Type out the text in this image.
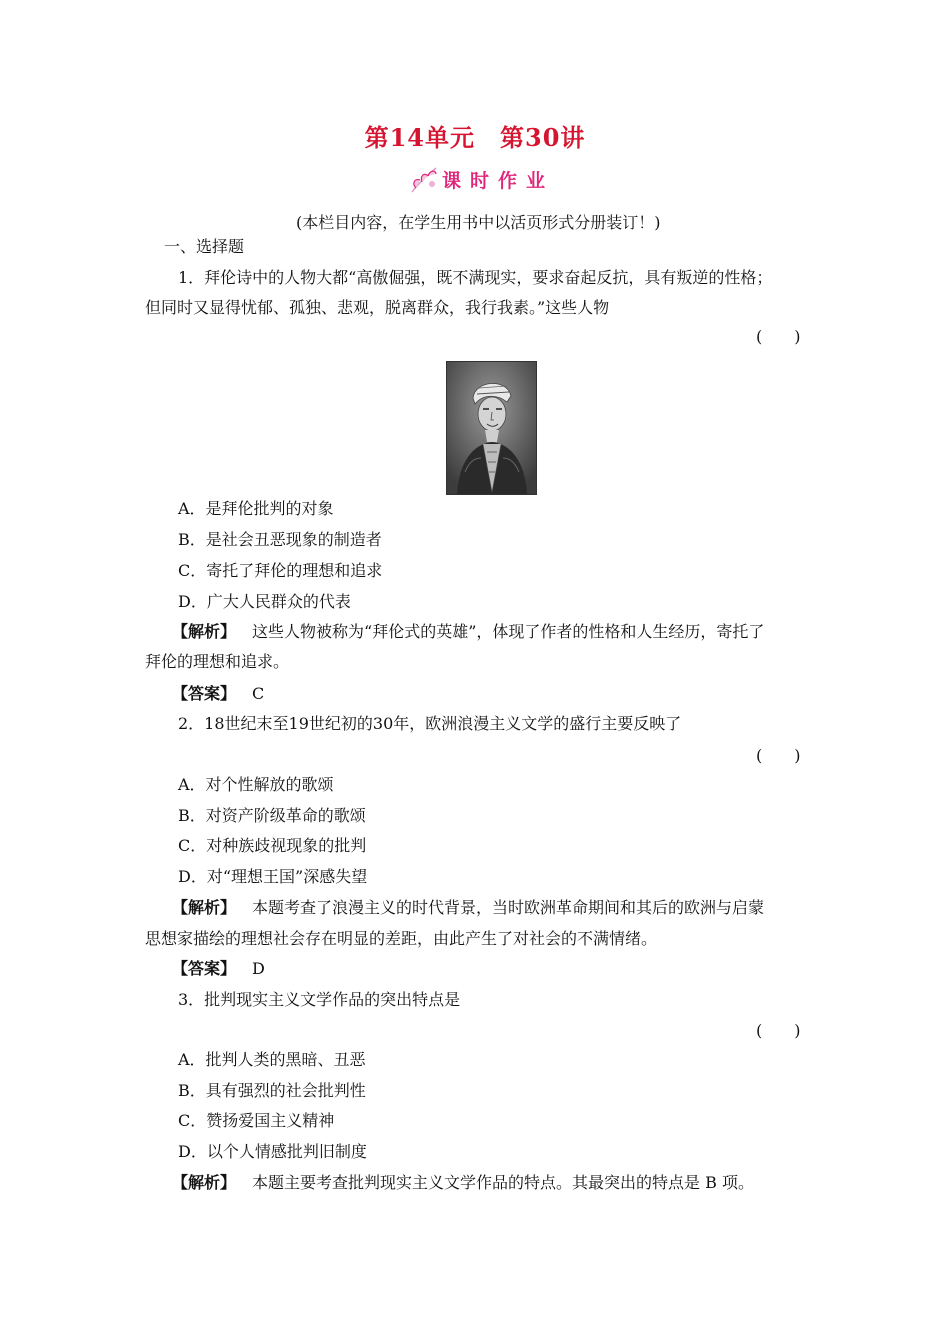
第14单元　第30讲
课时作业
(本栏目内容，在学生用书中以活页形式分册装订！)
一、选择题
1．拜伦诗中的人物大都“高傲倔强，既不满现实，要求奋起反抗，具有叛逆的性格；
但同时又显得忧郁、孤独、悲观，脱离群众，我行我素。”这些人物
(　　)
A．是拜伦批判的对象
B．是社会丑恶现象的制造者
C．寄托了拜伦的理想和追求
D．广大人民群众的代表
【解析】 这些人物被称为“拜伦式的英雄”，体现了作者的性格和人生经历，寄托了
拜伦的理想和追求。
【答案】 C
2．18世纪末至19世纪初的30年，欧洲浪漫主义文学的盛行主要反映了
(　　)
A．对个性解放的歌颂
B．对资产阶级革命的歌颂
C．对种族歧视现象的批判
D．对“理想王国”深感失望
【解析】 本题考查了浪漫主义的时代背景，当时欧洲革命期间和其后的欧洲与启蒙
思想家描绘的理想社会存在明显的差距，由此产生了对社会的不满情绪。
【答案】 D
3．批判现实主义文学作品的突出特点是
(　　)
A．批判人类的黑暗、丑恶
B．具有强烈的社会批判性
C．赞扬爱国主义精神
D．以个人情感批判旧制度
【解析】 本题主要考查批判现实主义文学作品的特点。其最突出的特点是 B 项。
